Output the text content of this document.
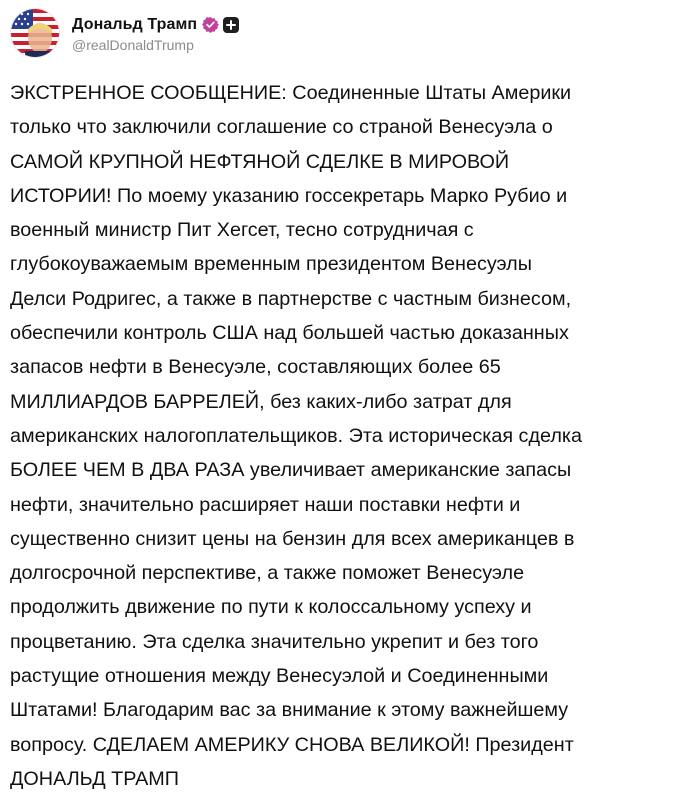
Дональд Трамп
@realDonaldTrump
ЭКСТРЕННОЕ СООБЩЕНИЕ: Соединенные Штаты Америки
только что заключили соглашение со страной Венесуэла о
САМОЙ КРУПНОЙ НЕФТЯНОЙ СДЕЛКЕ В МИРОВОЙ
ИСТОРИИ! По моему указанию госсекретарь Марко Рубио и
военный министр Пит Хегсет, тесно сотрудничая с
глубокоуважаемым временным президентом Венесуэлы
Делси Родригес, а также в партнерстве с частным бизнесом,
обеспечили контроль США над большей частью доказанных
запасов нефти в Венесуэле, составляющих более 65
МИЛЛИАРДОВ БАРРЕЛЕЙ, без каких-либо затрат для
американских налогоплательщиков. Эта историческая сделка
БОЛЕЕ ЧЕМ В ДВА РАЗА увеличивает американские запасы
нефти, значительно расширяет наши поставки нефти и
существенно снизит цены на бензин для всех американцев в
долгосрочной перспективе, а также поможет Венесуэле
продолжить движение по пути к колоссальному успеху и
процветанию. Эта сделка значительно укрепит и без того
растущие отношения между Венесуэлой и Соединенными
Штатами! Благодарим вас за внимание к этому важнейшему
вопросу. СДЕЛАЕМ АМЕРИКУ СНОВА ВЕЛИКОЙ! Президент
ДОНАЛЬД ТРАМП
